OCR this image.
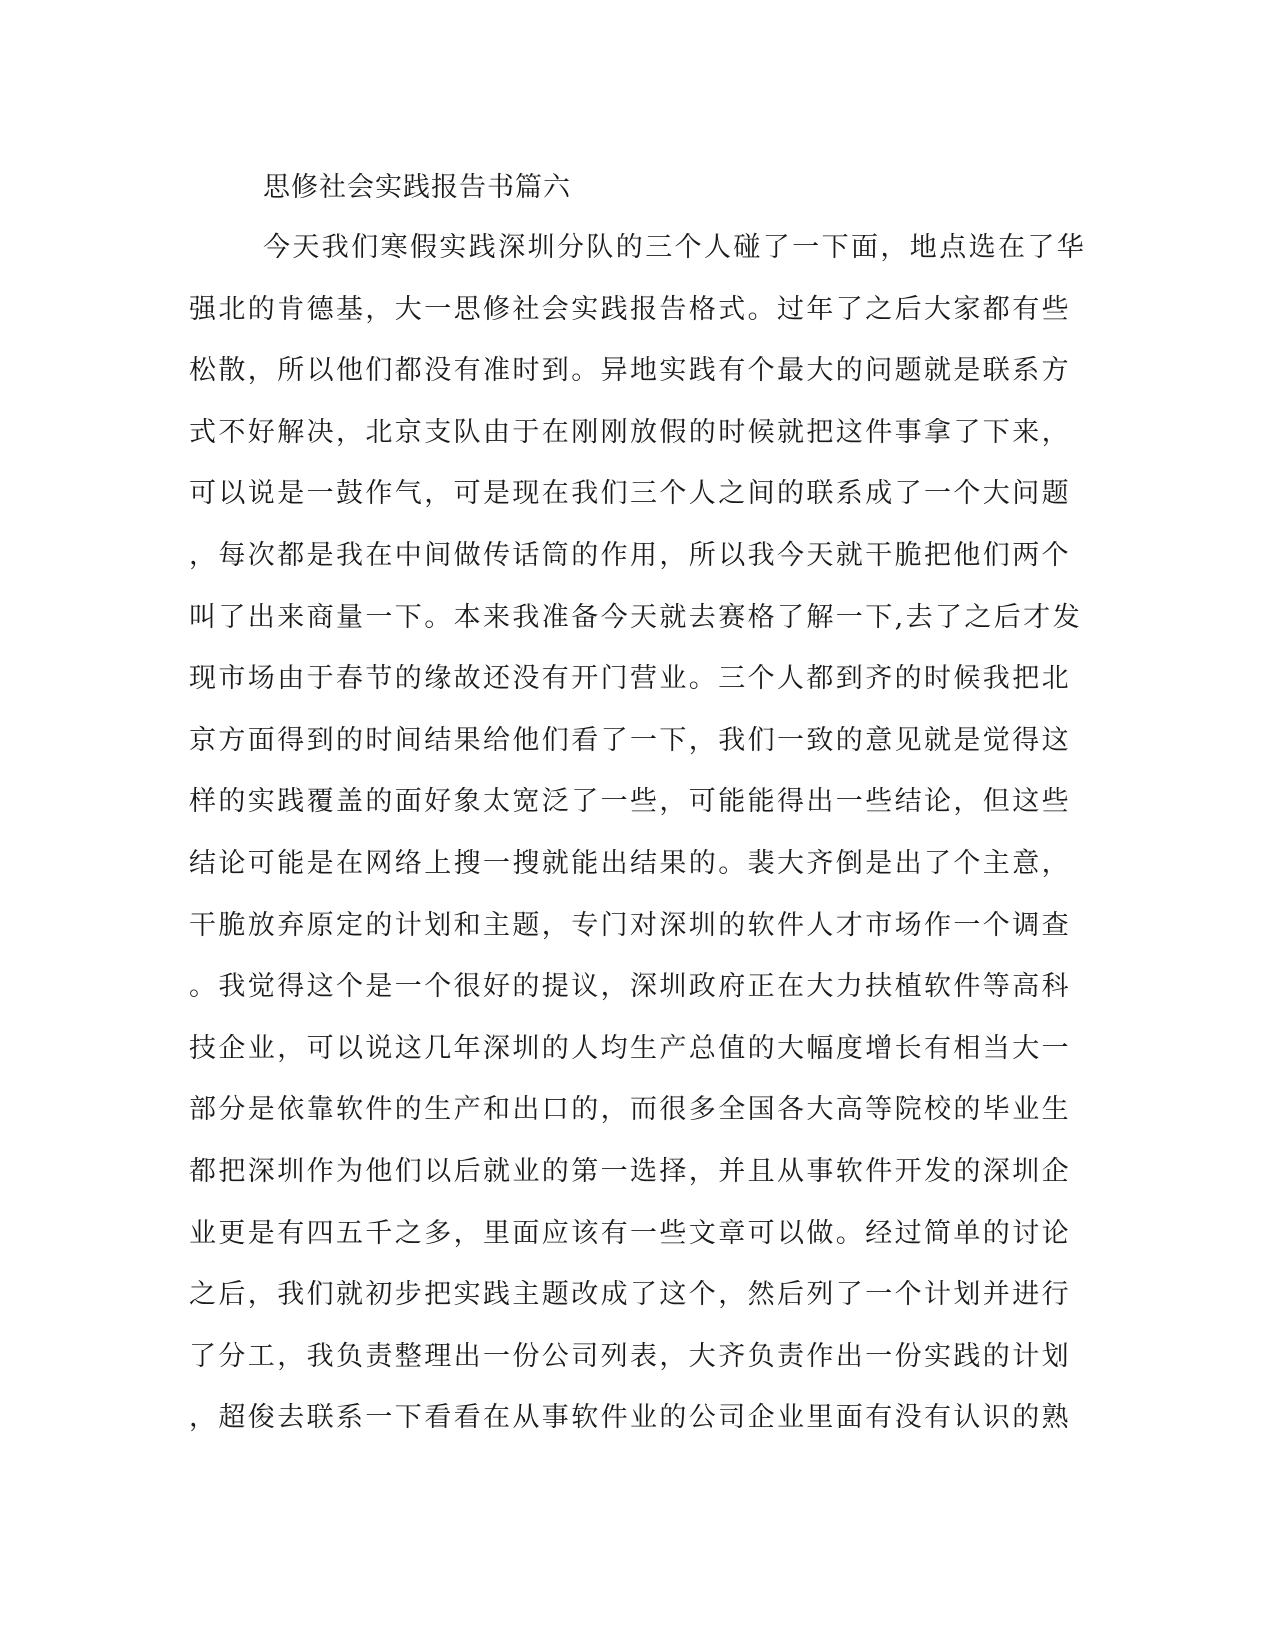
思修社会实践报告书篇六
今天我们寒假实践深圳分队的三个人碰了一下面，地点选在了华
强北的肯德基，大一思修社会实践报告格式。过年了之后大家都有些
松散，所以他们都没有准时到。异地实践有个最大的问题就是联系方
式不好解决，北京支队由于在刚刚放假的时候就把这件事拿了下来，
可以说是一鼓作气，可是现在我们三个人之间的联系成了一个大问题
，每次都是我在中间做传话筒的作用，所以我今天就干脆把他们两个
叫了出来商量一下。本来我准备今天就去赛格了解一下,去了之后才发
现市场由于春节的缘故还没有开门营业。三个人都到齐的时候我把北
京方面得到的时间结果给他们看了一下，我们一致的意见就是觉得这
样的实践覆盖的面好象太宽泛了一些，可能能得出一些结论，但这些
结论可能是在网络上搜一搜就能出结果的。裴大齐倒是出了个主意，
干脆放弃原定的计划和主题，专门对深圳的软件人才市场作一个调查
。我觉得这个是一个很好的提议，深圳政府正在大力扶植软件等高科
技企业，可以说这几年深圳的人均生产总值的大幅度增长有相当大一
部分是依靠软件的生产和出口的，而很多全国各大高等院校的毕业生
都把深圳作为他们以后就业的第一选择，并且从事软件开发的深圳企
业更是有四五千之多，里面应该有一些文章可以做。经过简单的讨论
之后，我们就初步把实践主题改成了这个，然后列了一个计划并进行
了分工，我负责整理出一份公司列表，大齐负责作出一份实践的计划
，超俊去联系一下看看在从事软件业的公司企业里面有没有认识的熟
